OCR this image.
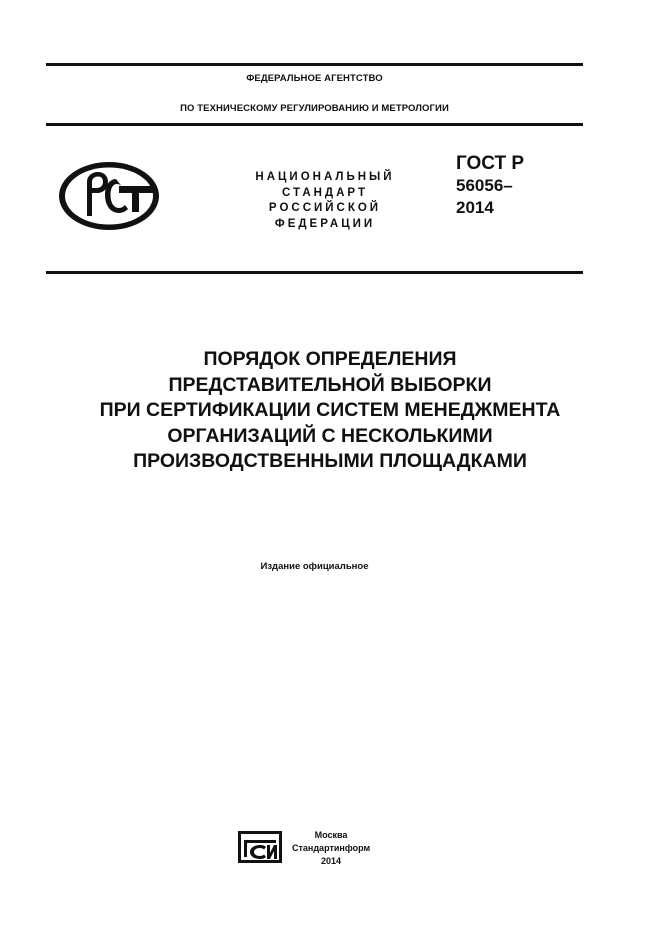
ФЕДЕРАЛЬНОЕ АГЕНТСТВО
ПО ТЕХНИЧЕСКОМУ РЕГУЛИРОВАНИЮ И МЕТРОЛОГИИ
НАЦИОНАЛЬНЫЙ
СТАНДАРТ
РОССИЙСКОЙ
ФЕДЕРАЦИИ
ГОСТ Р
56056–
2014
ПОРЯДОК ОПРЕДЕЛЕНИЯ
ПРЕДСТАВИТЕЛЬНОЙ ВЫБОРКИ
ПРИ СЕРТИФИКАЦИИ СИСТЕМ МЕНЕДЖМЕНТА
ОРГАНИЗАЦИЙ С НЕСКОЛЬКИМИ
ПРОИЗВОДСТВЕННЫМИ ПЛОЩАДКАМИ
Издание официальное
Москва
Стандартинформ
2014
